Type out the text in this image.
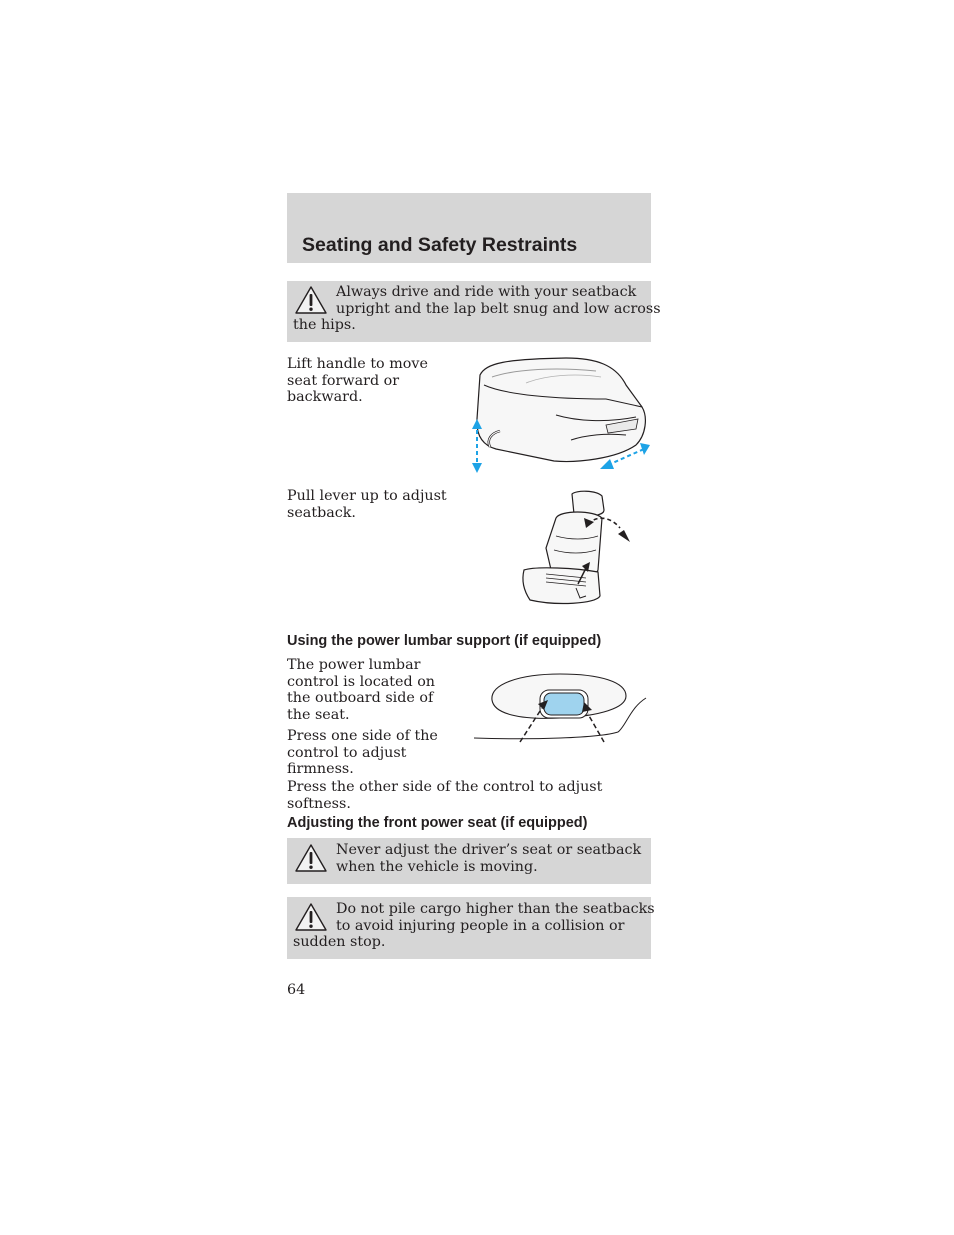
Seating and Safety Restraints
Always drive and ride with your seatback
upright and the lap belt snug and low across
the hips.
Lift handle to move
seat forward or
backward.
Pull lever up to adjust
seatback.
Using the power lumbar support (if equipped)
The power lumbar
control is located on
the outboard side of
the seat.
Press one side of the
control to adjust
firmness.
Press the other side of the control to adjust
softness.
Adjusting the front power seat (if equipped)
Never adjust the driver’s seat or seatback
when the vehicle is moving.
Do not pile cargo higher than the seatbacks
to avoid injuring people in a collision or
sudden stop.
64
